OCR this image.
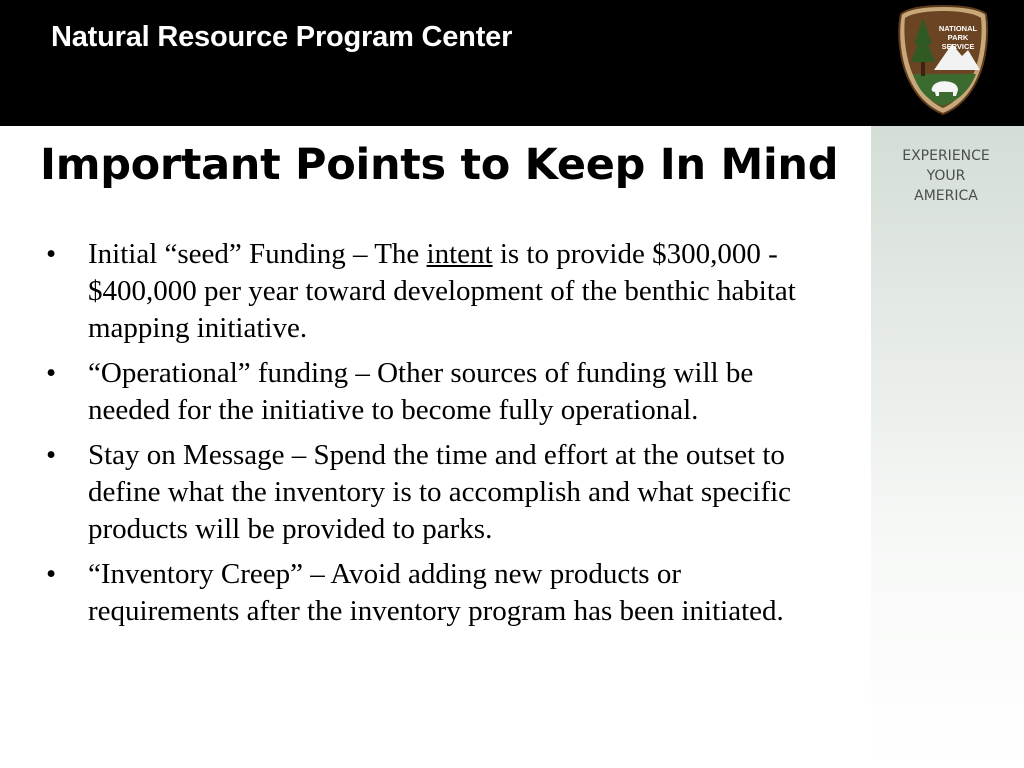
Natural Resource Program Center	NATIONAL
PARK
SERVICE
EXPERIENCE
YOUR
AMERICA
Important Points to Keep In Mind
• Initial “seed” Funding – The intent is to provide $300,000 - $400,000 per year toward development of the benthic habitat mapping initiative.
• “Operational” funding – Other sources of funding will be needed for the initiative to become fully operational.
• Stay on Message – Spend the time and effort at the outset to define what the inventory is to accomplish and what specific products will be provided to parks.
• “Inventory Creep” – Avoid adding new products or requirements after the inventory program has been initiated.
